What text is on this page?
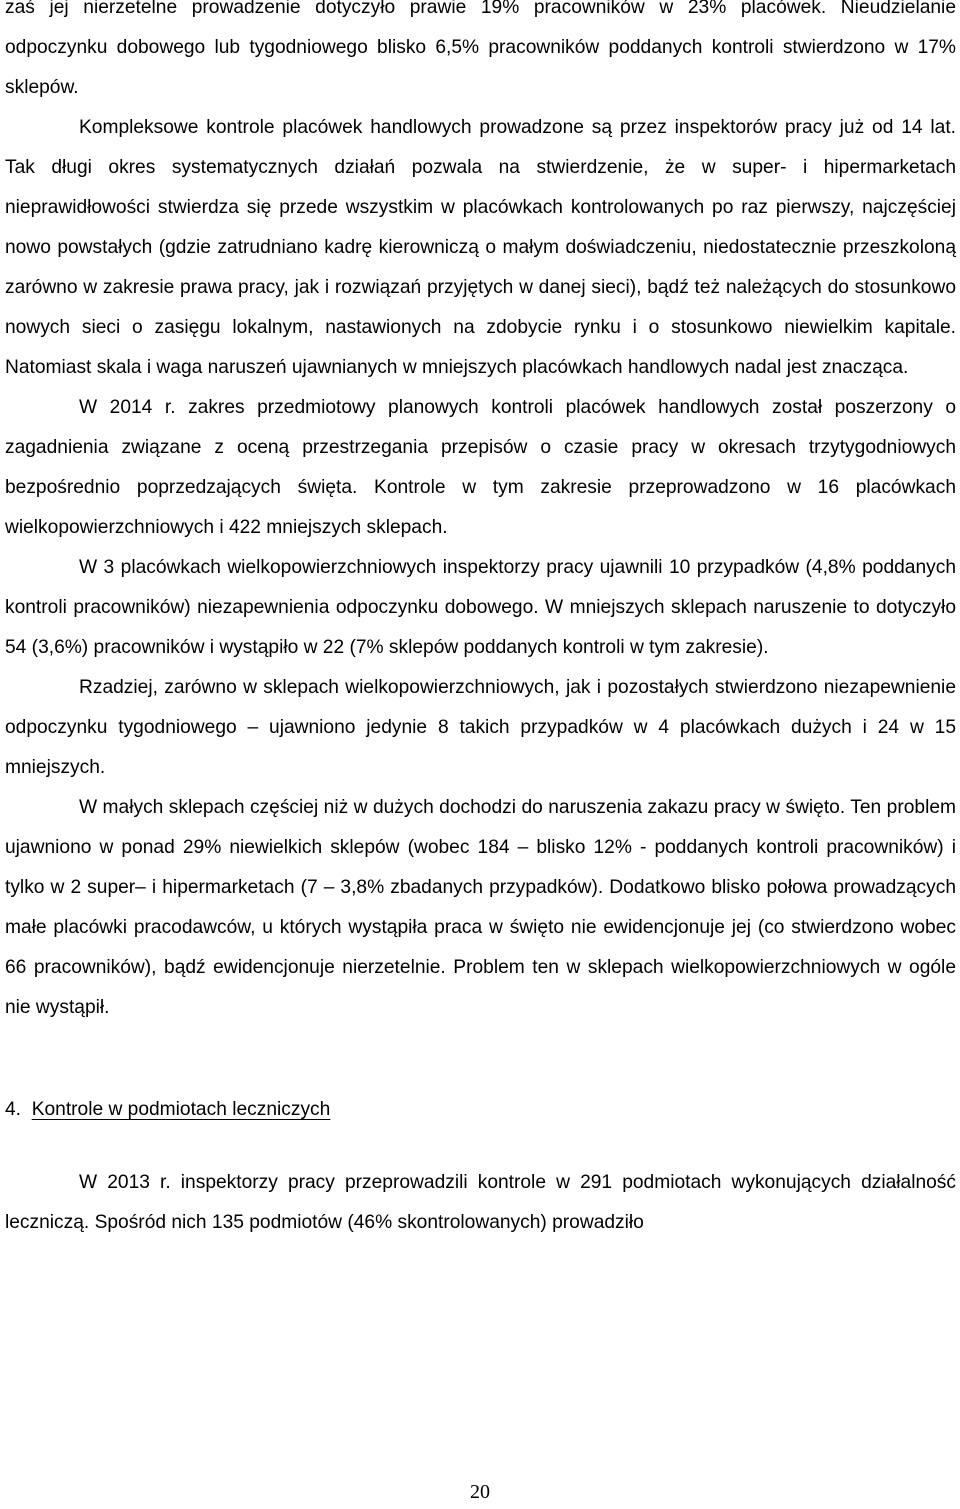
zaś jej nierzetelne prowadzenie dotyczyło prawie 19% pracowników w 23% placówek. Nieudzielanie odpoczynku dobowego lub tygodniowego blisko 6,5% pracowników poddanych kontroli stwierdzono w 17% sklepów.

Kompleksowe kontrole placówek handlowych prowadzone są przez inspektorów pracy już od 14 lat. Tak długi okres systematycznych działań pozwala na stwierdzenie, że w super- i hipermarketach nieprawidłowości stwierdza się przede wszystkim w placówkach kontrolowanych po raz pierwszy, najczęściej nowo powstałych (gdzie zatrudniano kadrę kierowniczą o małym doświadczeniu, niedostatecznie przeszkoloną zarówno w zakresie prawa pracy, jak i rozwiązań przyjętych w danej sieci), bądź też należących do stosunkowo nowych sieci o zasięgu lokalnym, nastawionych na zdobycie rynku i o stosunkowo niewielkim kapitale. Natomiast skala i waga naruszeń ujawnianych w mniejszych placówkach handlowych nadal jest znacząca.

W 2014 r. zakres przedmiotowy planowych kontroli placówek handlowych został poszerzony o zagadnienia związane z oceną przestrzegania przepisów o czasie pracy w okresach trzytygodniowych bezpośrednio poprzedzających święta. Kontrole w tym zakresie przeprowadzono w 16 placówkach wielkopowierzchniowych i 422 mniejszych sklepach.

W 3 placówkach wielkopowierzchniowych inspektorzy pracy ujawnili 10 przypadków (4,8% poddanych kontroli pracowników) niezapewnienia odpoczynku dobowego. W mniejszych sklepach naruszenie to dotyczyło 54 (3,6%) pracowników i wystąpiło w 22 (7% sklepów poddanych kontroli w tym zakresie).

Rzadziej, zarówno w sklepach wielkopowierzchniowych, jak i pozostałych stwierdzono niezapewnienie odpoczynku tygodniowego – ujawniono jedynie 8 takich przypadków w 4 placówkach dużych i 24 w 15 mniejszych.

W małych sklepach częściej niż w dużych dochodzi do naruszenia zakazu pracy w święto. Ten problem ujawniono w ponad 29% niewielkich sklepów (wobec 184 – blisko 12% - poddanych kontroli pracowników) i tylko w 2 super– i hipermarketach (7 – 3,8% zbadanych przypadków). Dodatkowo blisko połowa prowadzących małe placówki pracodawców, u których wystąpiła praca w święto nie ewidencjonuje jej (co stwierdzono wobec 66 pracowników), bądź ewidencjonuje nierzetelnie. Problem ten w sklepach wielkopowierzchniowych w ogóle nie wystąpił.

4. Kontrole w podmiotach leczniczych

W 2013 r. inspektorzy pracy przeprowadzili kontrole w 291 podmiotach wykonujących działalność leczniczą. Spośród nich 135 podmiotów (46% skontrolowanych) prowadziło

20
